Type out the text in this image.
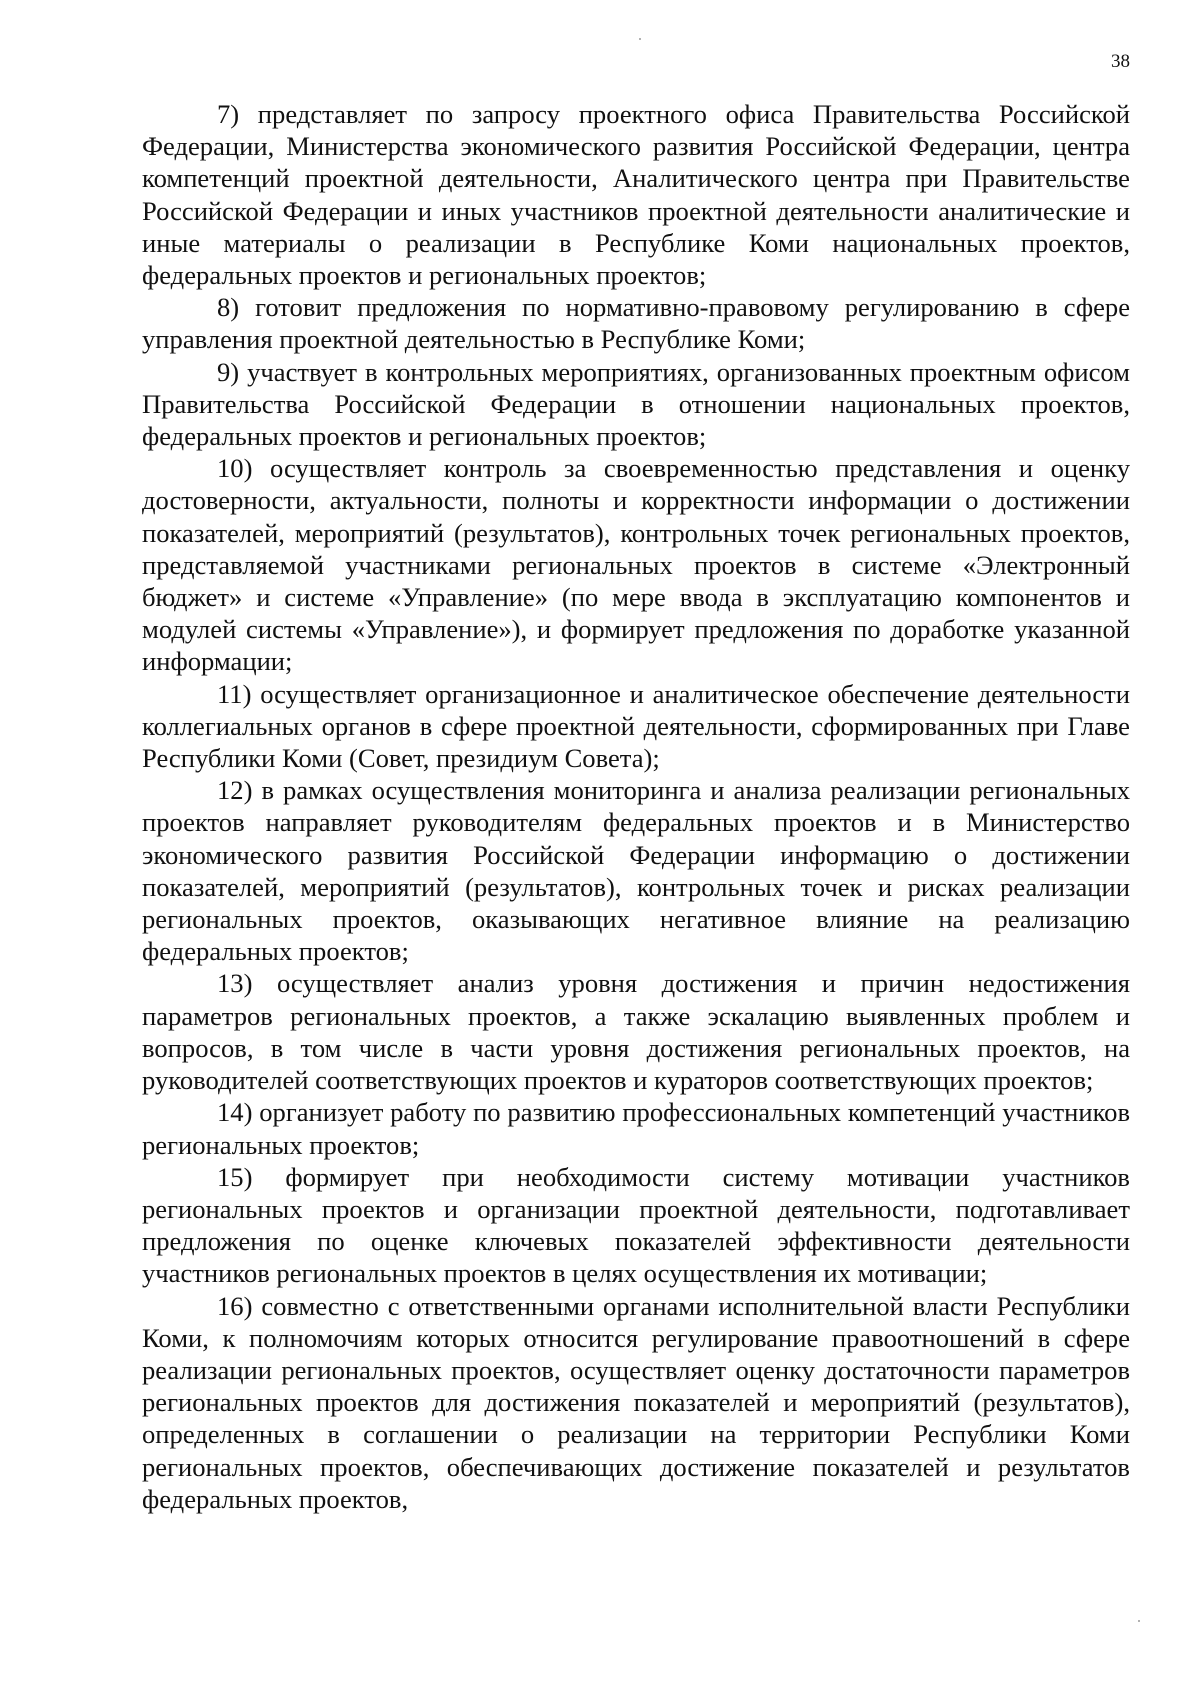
38

7) представляет по запросу проектного офиса Правительства Российской Федерации, Министерства экономического развития Российской Федерации, центра компетенций проектной деятельности, Аналитического центра при Правительстве Российской Федерации и иных участников проектной деятельности аналитические и иные материалы о реализации в Республике Коми национальных проектов, федеральных проектов и региональных проектов;

8) готовит предложения по нормативно-правовому регулированию в сфере управления проектной деятельностью в Республике Коми;

9) участвует в контрольных мероприятиях, организованных проектным офисом Правительства Российской Федерации в отношении национальных проектов, федеральных проектов и региональных проектов;

10) осуществляет контроль за своевременностью представления и оценку достоверности, актуальности, полноты и корректности информации о достижении показателей, мероприятий (результатов), контрольных точек региональных проектов, представляемой участниками региональных проектов в системе «Электронный бюджет» и системе «Управление» (по мере ввода в эксплуатацию компонентов и модулей системы «Управление»), и формирует предложения по доработке указанной информации;

11) осуществляет организационное и аналитическое обеспечение деятельности коллегиальных органов в сфере проектной деятельности, сформированных при Главе Республики Коми (Совет, президиум Совета);

12) в рамках осуществления мониторинга и анализа реализации региональных проектов направляет руководителям федеральных проектов и в Министерство экономического развития Российской Федерации информацию о достижении показателей, мероприятий (результатов), контрольных точек и рисках реализации региональных проектов, оказывающих негативное влияние на реализацию федеральных проектов;

13) осуществляет анализ уровня достижения и причин недостижения параметров региональных проектов, а также эскалацию выявленных проблем и вопросов, в том числе в части уровня достижения региональных проектов, на руководителей соответствующих проектов и кураторов соответствующих проектов;

14) организует работу по развитию профессиональных компетенций участников региональных проектов;

15) формирует при необходимости систему мотивации участников региональных проектов и организации проектной деятельности, подготавливает предложения по оценке ключевых показателей эффективности деятельности участников региональных проектов в целях осуществления их мотивации;

16) совместно с ответственными органами исполнительной власти Республики Коми, к полномочиям которых относится регулирование правоотношений в сфере реализации региональных проектов, осуществляет оценку достаточности параметров региональных проектов для достижения показателей и мероприятий (результатов), определенных в соглашении о реализации на территории Республики Коми региональных проектов, обеспечивающих достижение показателей и результатов федеральных проектов,
